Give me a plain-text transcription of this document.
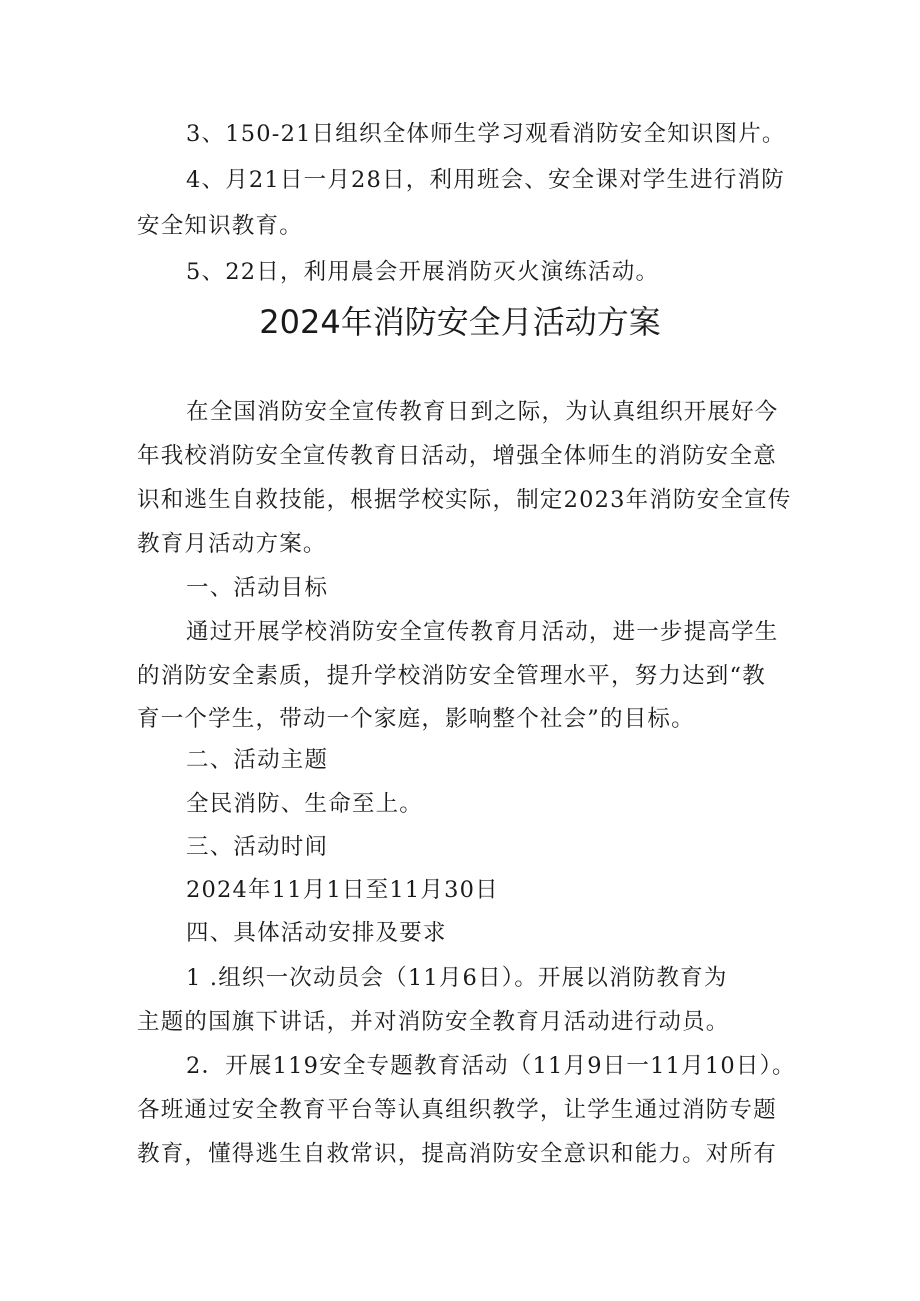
3、150-21日组织全体师生学习观看消防安全知识图片。
4、月21日一月28日，利用班会、安全课对学生进行消防
安全知识教育。
5、22日，利用晨会开展消防灭火演练活动。
2024年消防安全月活动方案
在全国消防安全宣传教育日到之际，为认真组织开展好今
年我校消防安全宣传教育日活动，增强全体师生的消防安全意
识和逃生自救技能，根据学校实际，制定2023年消防安全宣传
教育月活动方案。
一、活动目标
通过开展学校消防安全宣传教育月活动，进一步提高学生
的消防安全素质，提升学校消防安全管理水平，努力达到“教
育一个学生，带动一个家庭，影响整个社会”的目标。
二、活动主题
全民消防、生命至上。
三、活动时间
2024年11月1日至11月30日
四、具体活动安排及要求
1 .组织一次动员会（11月6日）。开展以消防教育为
主题的国旗下讲话，并对消防安全教育月活动进行动员。
2．开展119安全专题教育活动（11月9日一11月10日）。
各班通过安全教育平台等认真组织教学，让学生通过消防专题
教育，懂得逃生自救常识，提高消防安全意识和能力。对所有
